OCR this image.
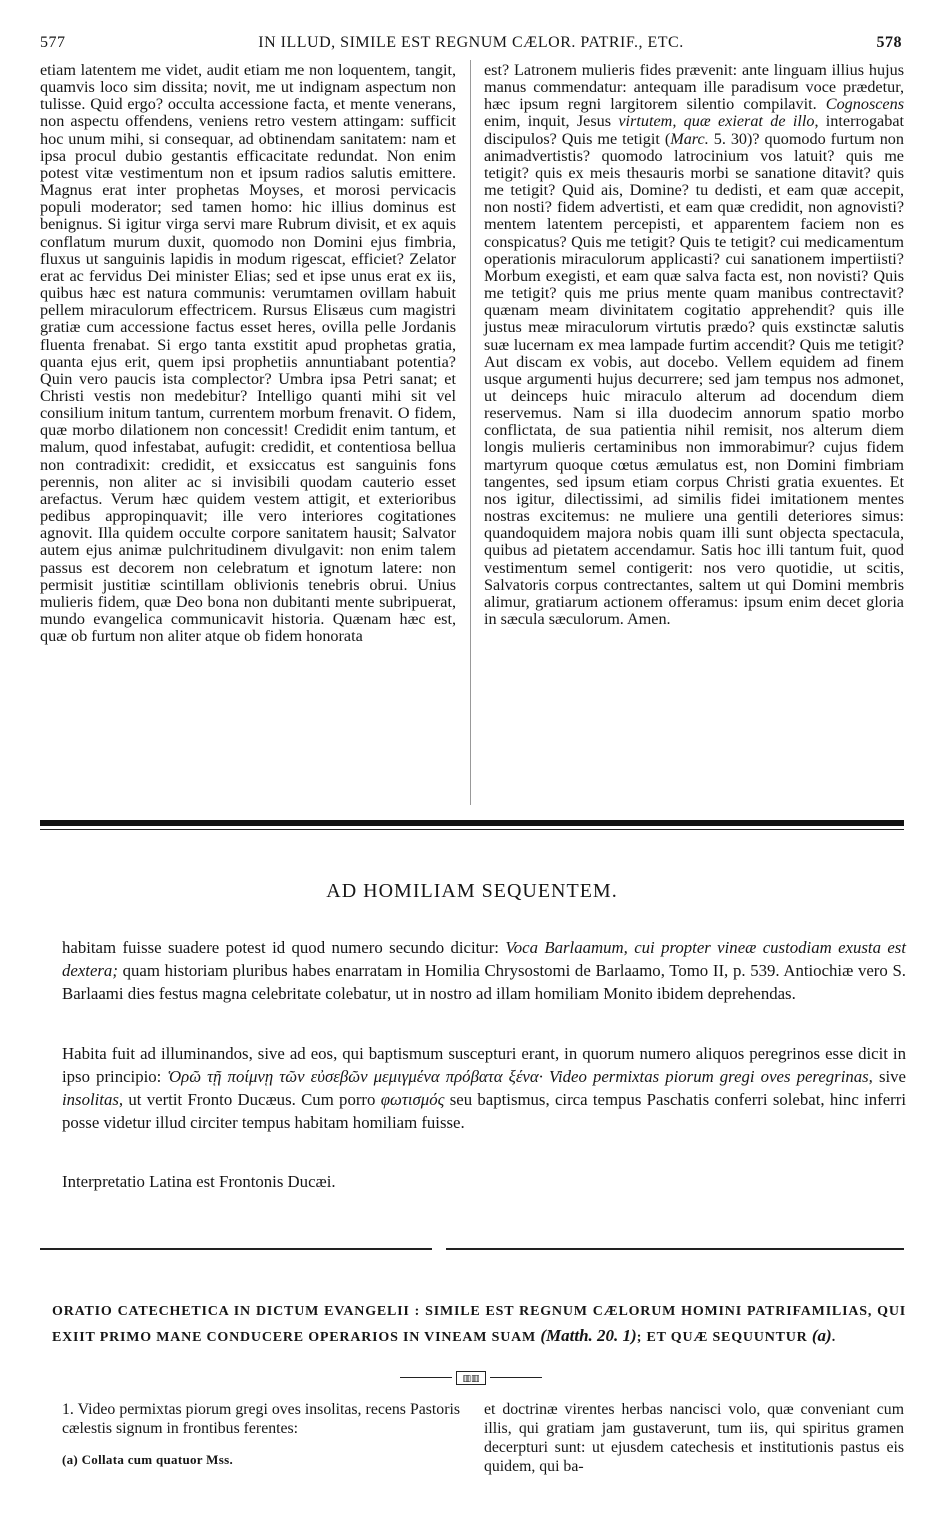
IN ILLUD, SIMILE EST REGNUM CÆLOR. PATRIF., ETC.
577	578

etiam latentem me videt, audit etiam me non loquentem, tangit, quamvis loco sim dissita; novit, me ut indignam aspectum non tulisse. Quid ergo? occulta accessione facta, et mente venerans, non aspectu offendens, veniens retro vestem attingam: sufficit hoc unum mihi, si consequar, ad obtinendam sanitatem: nam et ipsa procul dubio gestantis efficacitate redundat. Non enim potest vitæ vestimentum non et ipsum radios salutis emittere. Magnus erat inter prophetas Moyses, et morosi pervicacis populi moderator; sed tamen homo: hic illius dominus est benignus. Si igitur virga servi mare Rubrum divisit, et ex aquis conflatum murum duxit, quomodo non Domini ejus fimbria, fluxus ut sanguinis lapidis in modum rigescat, efficiet? Zelator erat ac fervidus Dei minister Elias; sed et ipse unus erat ex iis, quibus hæc est natura communis: verumtamen ovillam habuit pellem miraculorum effectricem. Rursus Elisæus cum magistri gratiæ cum accessione factus esset heres, ovilla pelle Jordanis fluenta frenabat. Si ergo tanta exstitit apud prophetas gratia, quanta ejus erit, quem ipsi prophetiis annuntiabant potentia? Quin vero paucis ista complector? Umbra ipsa Petri sanat; et Christi vestis non medebitur? Intelligo quanti mihi sit vel consilium initum tantum, currentem morbum frenavit. O fidem, quæ morbo dilationem non concessit! Credidit enim tantum, et malum, quod infestabat, aufugit: credidit, et contentiosa bellua non contradixit: credidit, et exsiccatus est sanguinis fons perennis, non aliter ac si invisibili quodam cauterio esset arefactus. Verum hæc quidem vestem attigit, et exterioribus pedibus appropinquavit; ille vero interiores cogitationes agnovit. Illa quidem occulte corpore sanitatem hausit; Salvator autem ejus animæ pulchritudinem divulgavit: non enim talem passus est decorem non celebratum et ignotum latere: non permisit justitiæ scintillam oblivionis tenebris obrui. Unius mulieris fidem, quæ Deo bona non dubitanti mente subripuerat, mundo evangelica communicavit historia. Quænam hæc est, quæ ob furtum non aliter atque ob fidem honorata

est? Latronem mulieris fides prævenit: ante linguam illius hujus manus commendatur: antequam ille paradisum voce prædetur, hæc ipsum regni largitorem silentio compilavit. Cognoscens enim, inquit, Jesus virtutem, quæ exierat de illo, interrogabat discipulos? Quis me tetigit (Marc. 5. 30)? quomodo furtum non animadvertistis? quomodo latrocinium vos latuit? quis me tetigit? quis ex meis thesauris morbi se sanatione ditavit? quis me tetigit? Quid ais, Domine? tu dedisti, et eam quæ accepit, non nosti? fidem advertisti, et eam quæ credidit, non agnovisti? mentem latentem percepisti, et apparentem faciem non es conspicatus? Quis me tetigit? Quis te tetigit? cui medicamentum operationis miraculorum applicasti? cui sanationem impertiisti? Morbum exegisti, et eam quæ salva facta est, non novisti? Quis me tetigit? quis me prius mente quam manibus contrectavit? quænam meam divinitatem cogitatio apprehendit? quis ille justus meæ miraculorum virtutis prædo? quis exstinctæ salutis suæ lucernam ex mea lampade furtim accendit? Quis me tetigit? Aut discam ex vobis, aut docebo. Vellem equidem ad finem usque argumenti hujus decurrere; sed jam tempus nos admonet, ut deinceps huic miraculo alterum ad docendum diem reservemus. Nam si illa duodecim annorum spatio morbo conflictata, de sua patientia nihil remisit, nos alterum diem longis mulieris certaminibus non immorabimur? cujus fidem martyrum quoque cœtus æmulatus est, non Domini fimbriam tangentes, sed ipsum etiam corpus Christi gratia exuentes. Et nos igitur, dilectissimi, ad similis fidei imitationem mentes nostras excitemus: ne muliere una gentili deteriores simus: quandoquidem majora nobis quam illi sunt objecta spectacula, quibus ad pietatem accendamur. Satis hoc illi tantum fuit, quod vestimentum semel contigerit: nos vero quotidie, ut scitis, Salvatoris corpus contrectantes, saltem ut qui Domini membris alimur, gratiarum actionem offeramus: ipsum enim decet gloria in sæcula sæculorum. Amen.

AD HOMILIAM SEQUENTEM.

habitam fuisse suadere potest id quod numero secundo dicitur: Voca Barlaamum, cui propter vineæ custodiam exusta est dextera; quam historiam pluribus habes enarratam in Homilia Chrysostomi de Barlaamo, Tomo II, p. 539. Antiochiæ vero S. Barlaami dies festus magna celebritate colebatur, ut in nostro ad illam homiliam Monito ibidem deprehendas.

Habita fuit ad illuminandos, sive ad eos, qui baptismum suscepturi erant, in quorum numero aliquos peregrinos esse dicit in ipso principio: Ὁρῶ τῇ ποίμνῃ τῶν εὐσεβῶν μεμιγμένα πρόβατα ξένα· Video permixtas piorum gregi oves peregrinas, sive insolitas, ut vertit Fronto Ducæus. Cum porro φωτισμός seu baptismus, circa tempus Paschatis conferri solebat, hinc inferri posse videtur illud circiter tempus habitam homiliam fuisse.

Interpretatio Latina est Frontonis Ducæi.

ORATIO CATECHETICA IN DICTUM EVANGELII : SIMILE EST REGNUM CÆLORUM HOMINI PATRIFAMILIAS, QUI EXIIT PRIMO MANE CONDUCERE OPERARIOS IN VINEAM SUAM (Matth. 20. 1); ET QUÆ SEQUUNTUR (a).
▥▥
1. Video permixtas piorum gregi oves insolitas, recens Pastoris cælestis signum in frontibus ferentes:
(a) Collata cum quatuor Mss.
et doctrinæ virentes herbas nancisci volo, quæ conveniant cum illis, qui gratiam jam gustaverunt, tum iis, qui spiritus gramen decerpturi sunt: ut ejusdem catechesis et institutionis pastus eis quidem, qui ba-
